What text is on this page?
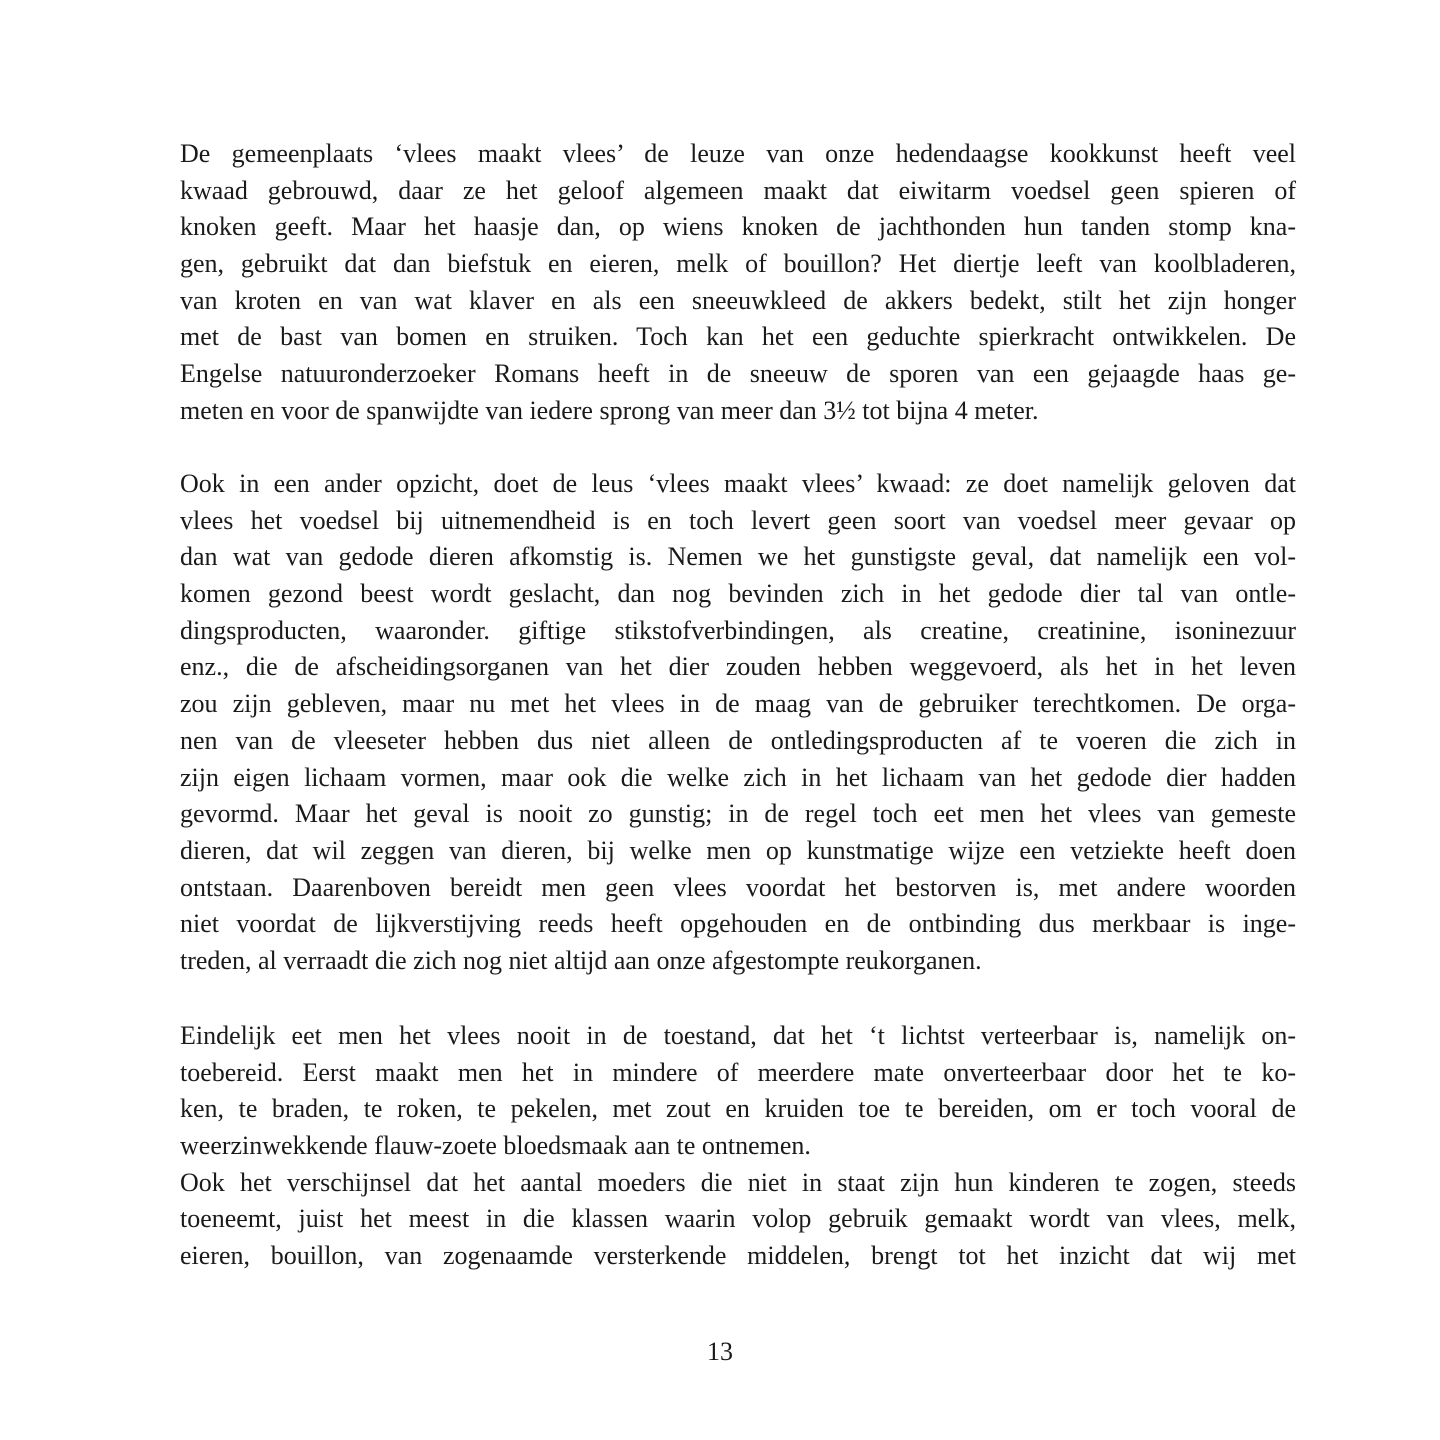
De gemeenplaats ‘vlees maakt vlees’ de leuze van onze hedendaagse kookkunst heeft veel
kwaad gebrouwd, daar ze het geloof algemeen maakt dat eiwitarm voedsel geen spieren of
knoken geeft. Maar het haasje dan, op wiens knoken de jachthonden hun tanden stomp kna-
gen, gebruikt dat dan biefstuk en eieren, melk of bouillon? Het diertje leeft van koolbladeren,
van kroten en van wat klaver en als een sneeuwkleed de akkers bedekt, stilt het zijn honger
met de bast van bomen en struiken. Toch kan het een geduchte spierkracht ontwikkelen. De
Engelse natuuronderzoeker Romans heeft in de sneeuw de sporen van een gejaagde haas ge-
meten en voor de spanwijdte van iedere sprong van meer dan 3½ tot bijna 4 meter.
Ook in een ander opzicht, doet de leus ‘vlees maakt vlees’ kwaad: ze doet namelijk geloven dat
vlees het voedsel bij uitnemendheid is en toch levert geen soort van voedsel meer gevaar op
dan wat van gedode dieren afkomstig is. Nemen we het gunstigste geval, dat namelijk een vol-
komen gezond beest wordt geslacht, dan nog bevinden zich in het gedode dier tal van ontle-
dingsproducten, waaronder. giftige stikstofverbindingen, als creatine, creatinine, isoninezuur
enz., die de afscheidingsorganen van het dier zouden hebben weggevoerd, als het in het leven
zou zijn gebleven, maar nu met het vlees in de maag van de gebruiker terechtkomen. De orga-
nen van de vleeseter hebben dus niet alleen de ontledingsproducten af te voeren die zich in
zijn eigen lichaam vormen, maar ook die welke zich in het lichaam van het gedode dier hadden
gevormd. Maar het geval is nooit zo gunstig; in de regel toch eet men het vlees van gemeste
dieren, dat wil zeggen van dieren, bij welke men op kunstmatige wijze een vetziekte heeft doen
ontstaan. Daarenboven bereidt men geen vlees voordat het bestorven is, met andere woorden
niet voordat de lijkverstijving reeds heeft opgehouden en de ontbinding dus merkbaar is inge-
treden, al verraadt die zich nog niet altijd aan onze afgestompte reukorganen.
Eindelijk eet men het vlees nooit in de toestand, dat het ‘t lichtst verteerbaar is, namelijk on-
toebereid. Eerst maakt men het in mindere of meerdere mate onverteerbaar door het te ko-
ken, te braden, te roken, te pekelen, met zout en kruiden toe te bereiden, om er toch vooral de
weerzinwekkende flauw-zoete bloedsmaak aan te ontnemen.
Ook het verschijnsel dat het aantal moeders die niet in staat zijn hun kinderen te zogen, steeds
toeneemt, juist het meest in die klassen waarin volop gebruik gemaakt wordt van vlees, melk,
eieren, bouillon, van zogenaamde versterkende middelen, brengt tot het inzicht dat wij met
13
